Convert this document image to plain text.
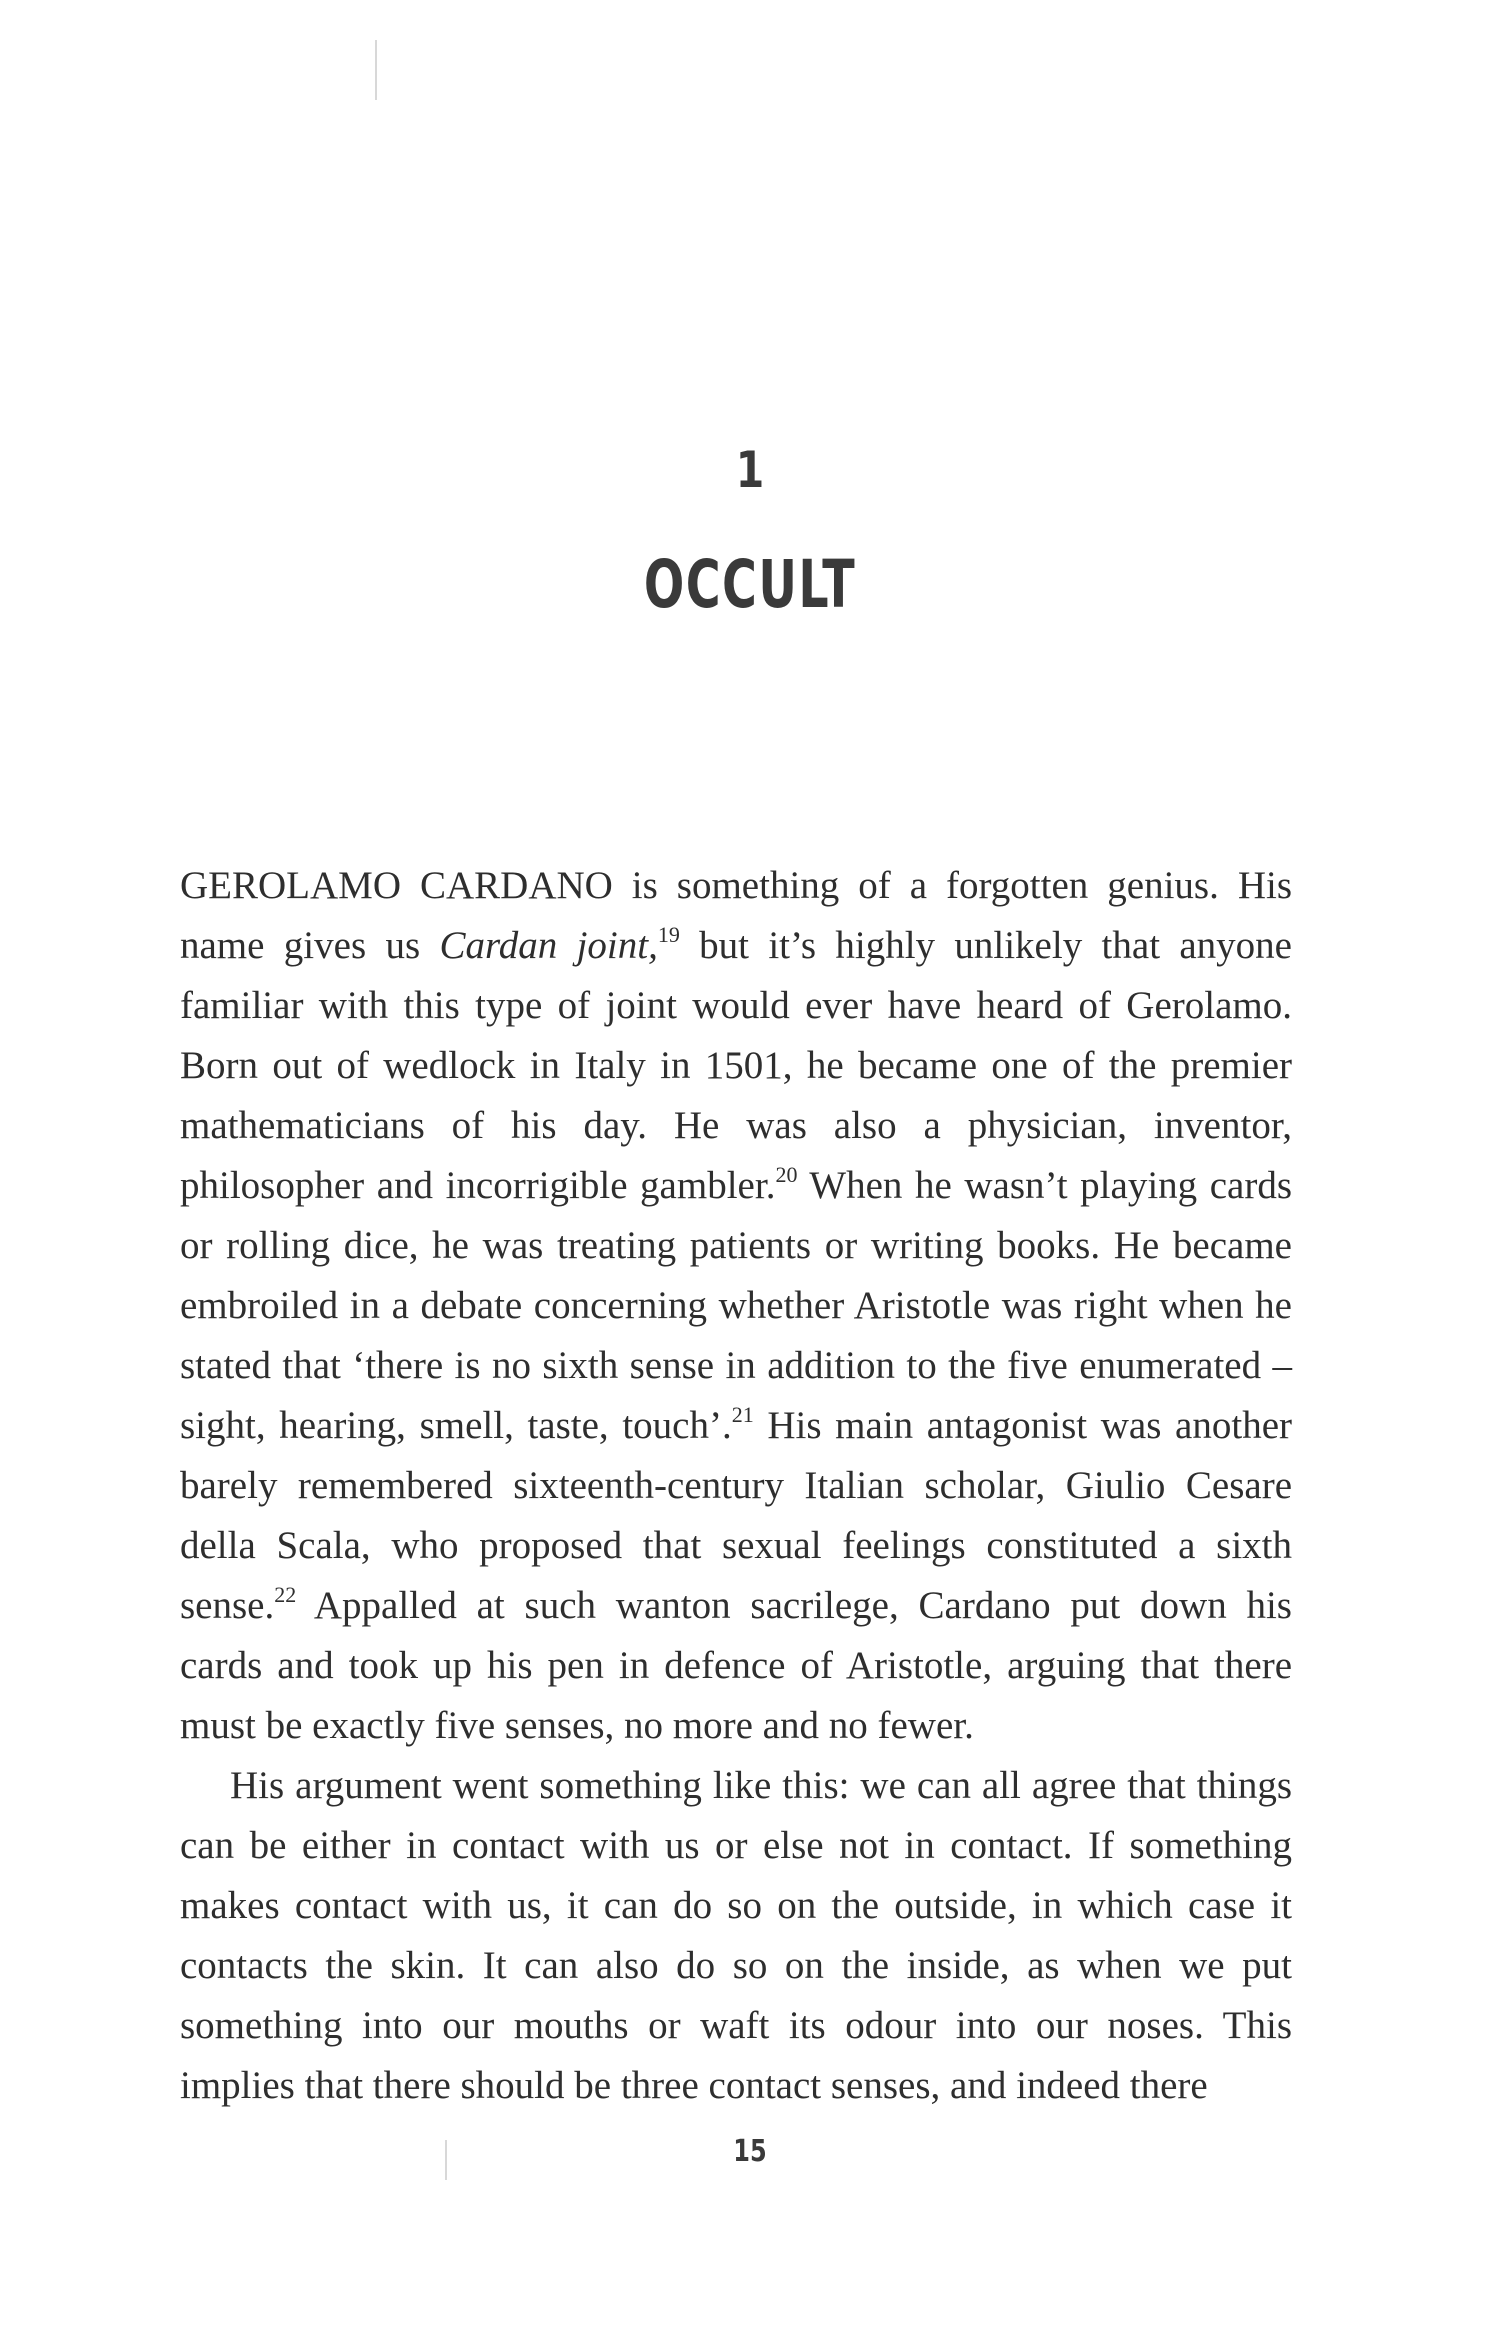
1
OCCULT

GEROLAMO CARDANO is something of a forgotten genius. His name gives us Cardan joint,$^{19}$ but it’s highly unlikely that anyone familiar with this type of joint would ever have heard of Gerolamo. Born out of wedlock in Italy in 1501, he became one of the premier mathematicians of his day. He was also a physician, inventor, philosopher and incorrigible gambler.$^{20}$ When he wasn’t playing cards or rolling dice, he was treating patients or writing books. He became embroiled in a debate concerning whether Aristotle was right when he stated that ‘there is no sixth sense in addition to the five enumerated – sight, hearing, smell, taste, touch’.$^{21}$ His main antagonist was another barely remembered sixteenth-century Italian scholar, Giulio Cesare della Scala, who proposed that sexual feelings constituted a sixth sense.$^{22}$ Appalled at such wanton sacrilege, Cardano put down his cards and took up his pen in defence of Aristotle, arguing that there must be exactly five senses, no more and no fewer.

His argument went something like this: we can all agree that things can be either in contact with us or else not in contact. If something makes contact with us, it can do so on the outside, in which case it contacts the skin. It can also do so on the inside, as when we put something into our mouths or waft its odour into our noses. This implies that there should be three contact senses, and indeed there

15
